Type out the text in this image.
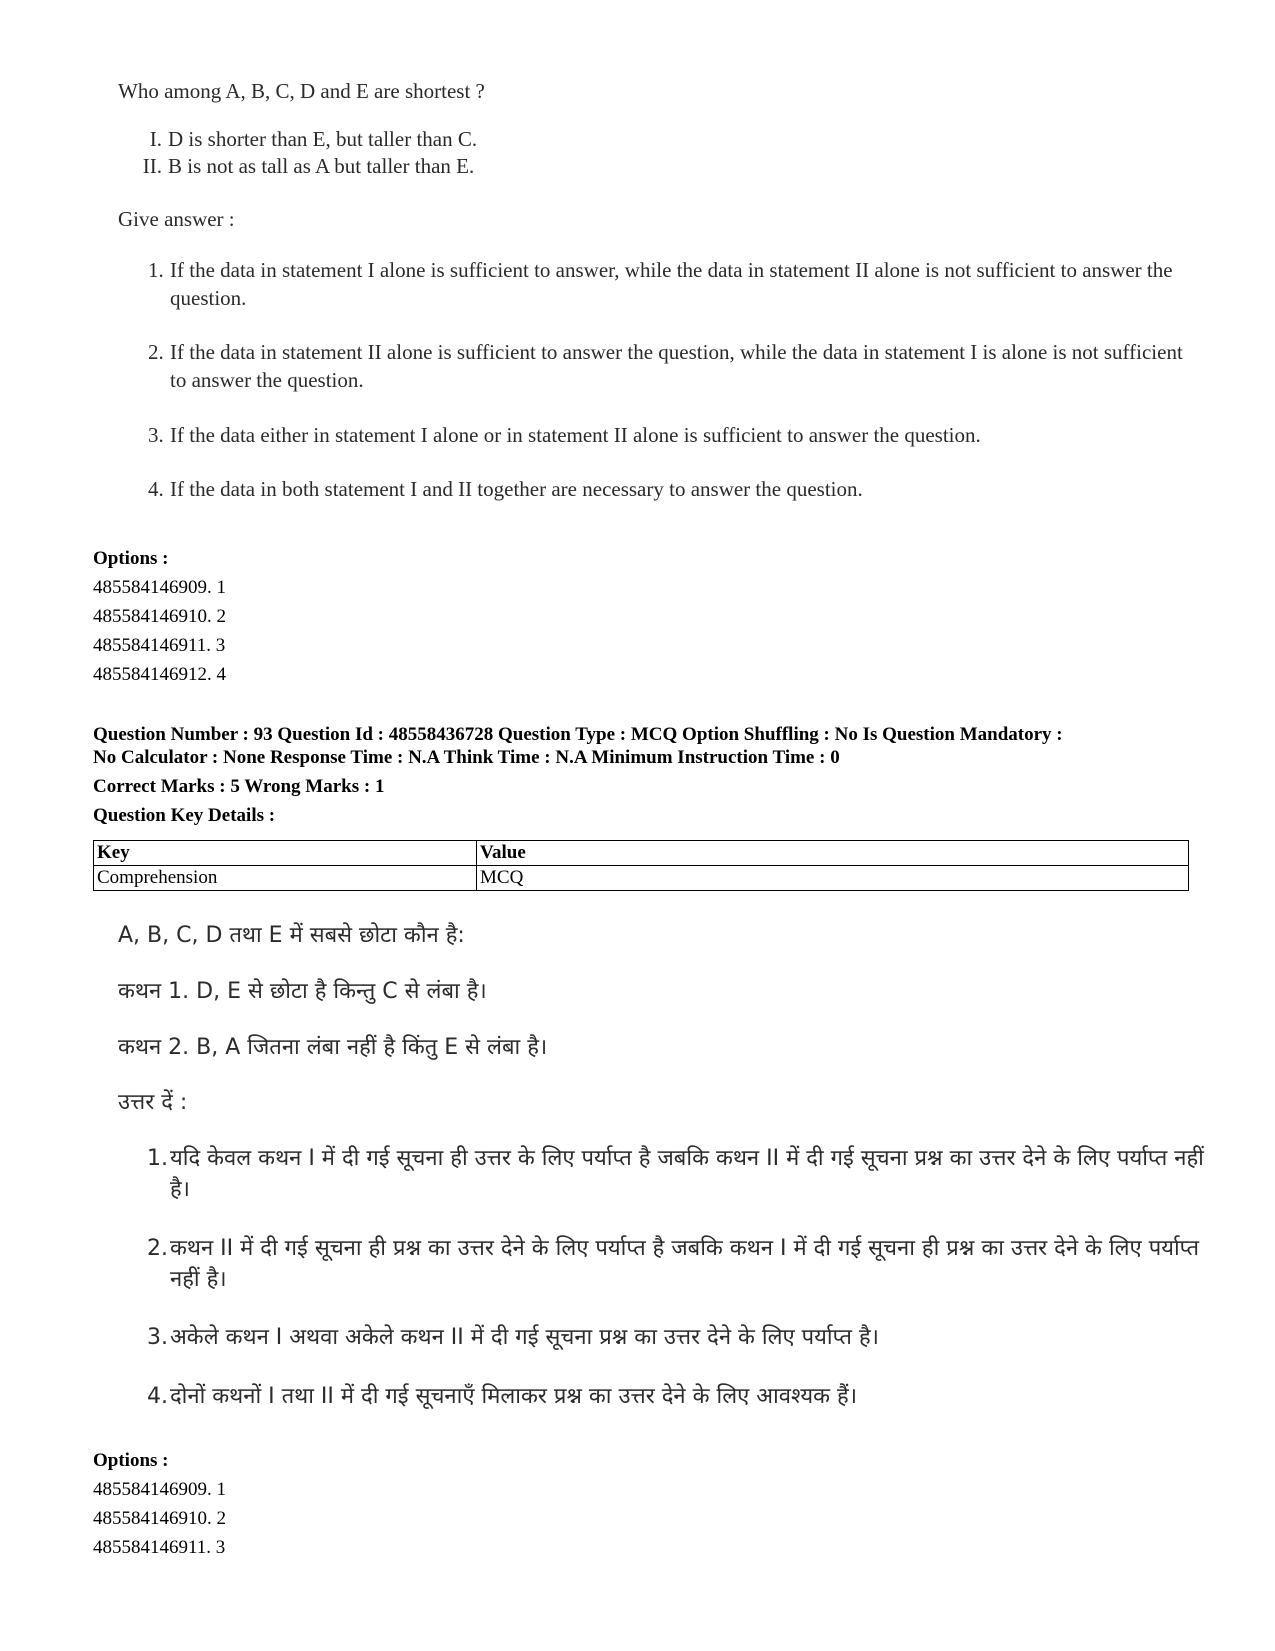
Who among A, B, C, D and E are shortest ?

I. D is shorter than E, but taller than C.

II. B is not as tall as A but taller than E.

Give answer :

1. If the data in statement I alone is sufficient to answer, while the data in statement II alone is not sufficient to answer the question.
2. If the data in statement II alone is sufficient to answer the question, while the data in statement I is alone is not sufficient to answer the question.
3. If the data either in statement I alone or in statement II alone is sufficient to answer the question.
4. If the data in both statement I and II together are necessary to answer the question.
Options :
485584146909. 1
485584146910. 2
485584146911. 3
485584146912. 4
Question Number : 93 Question Id : 48558436728 Question Type : MCQ Option Shuffling : No Is Question Mandatory :
No Calculator : None Response Time : N.A Think Time : N.A Minimum Instruction Time : 0
Correct Marks : 5 Wrong Marks : 1
Question Key Details :
Key	Value
Comprehension	MCQ

A, B, C, D तथा E में सबसे छोटा कौन है:

कथन 1. D, E से छोटा है किन्तु C से लंबा है।

कथन 2. B, A जितना लंबा नहीं है किंतु E से लंबा है।

उत्तर दें :

1. यदि केवल कथन I में दी गई सूचना ही उत्तर के लिए पर्याप्त है जबकि कथन II में दी गई सूचना प्रश्न का उत्तर देने के लिए पर्याप्त नहीं है।
2. कथन II में दी गई सूचना ही प्रश्न का उत्तर देने के लिए पर्याप्त है जबकि कथन I में दी गई सूचना ही प्रश्न का उत्तर देने के लिए पर्याप्त नहीं है।
3. अकेले कथन I अथवा अकेले कथन II में दी गई सूचना प्रश्न का उत्तर देने के लिए पर्याप्त है।
4. दोनों कथनों I तथा II में दी गई सूचनाएँ मिलाकर प्रश्न का उत्तर देने के लिए आवश्यक हैं।
Options :
485584146909. 1
485584146910. 2
485584146911. 3
